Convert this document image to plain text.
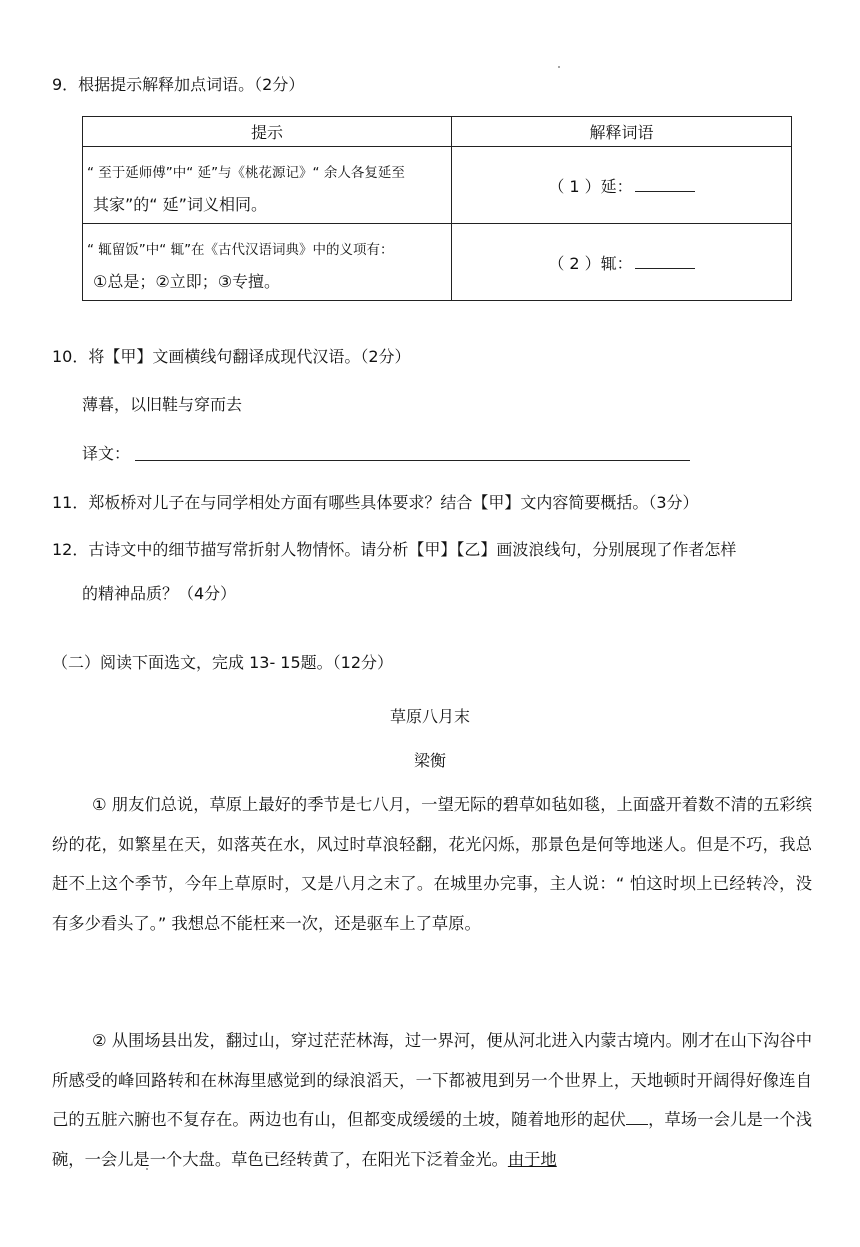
9．根据提示解释加点词语。（2分）
提示	解释词语

“ 至于延师傅”中“ 延”与《桃花源记》“ 余人各复延至
其家”的“ 延”词义相同。	（ 1 ）延：

“ 辄留饭”中“ 辄”在《古代汉语词典》中的义项有：
①总是；②立即；③专擅。	（ 2 ）辄：
10．将【甲】文画横线句翻译成现代汉语。（2分）
薄暮，以旧鞋与穿而去
译文：
11．郑板桥对儿子在与同学相处方面有哪些具体要求？结合【甲】文内容简要概括。（3分）
12．古诗文中的细节描写常折射人物情怀。请分析【甲】【乙】画波浪线句，分别展现了作者怎样
的精神品质？（4分）
（二）阅读下面选文，完成 13- 15题。（12分）
草原八月末
梁衡
① 朋友们总说，草原上最好的季节是七八月，一望无际的碧草如毡如毯，上面盛开着数不清的五彩缤纷的花，如繁星在天，如落英在水，风过时草浪轻翻，花光闪烁，那景色是何等地迷人。但是不巧，我总赶不上这个季节，今年上草原时，又是八月之末了。在城里办完事，主人说：“ 怕这时坝上已经转冷，没有多少看头了。” 我想总不能枉来一次，还是驱车上了草原。
② 从围场县出发，翻过山，穿过茫茫林海，过一界河，便从河北进入内蒙古境内。刚才在山下沟谷中所感受的峰回路转和在林海里感觉到的绿浪滔天，一下都被甩到另一个世界上，天地顿时开阔得好像连自己的五脏六腑也不复存在。两边也有山，但都变成缓缓的土坡，随着地形的起伏 ，草场一会儿是一个浅碗，一会儿是一个大盘。草色已经转黄了，在阳光下泛着金光。由于地
